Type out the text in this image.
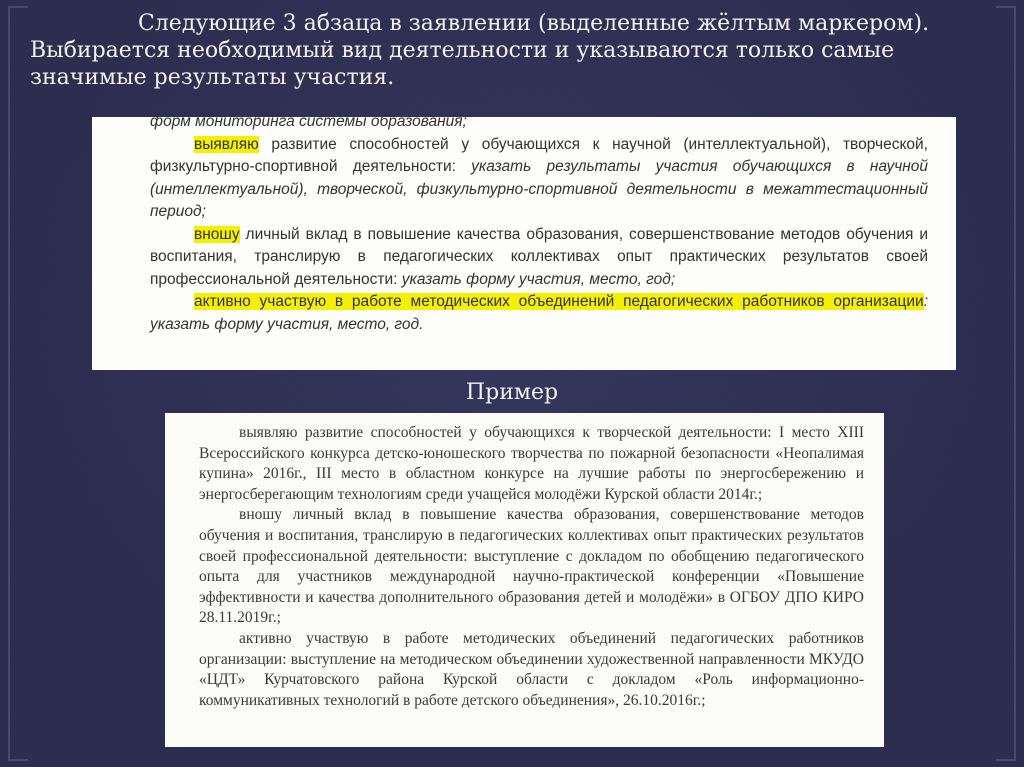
Следующие 3 абзаца в заявлении (выделенные жёлтым маркером).
Выбирается необходимый вид деятельности и указываются только самые значимые результаты участия.

форм мониторинга системы образования;

выявляю развитие способностей у обучающихся к научной (интеллектуальной), творческой, физкультурно-спортивной деятельности: указать результаты участия обучающихся в научной (интеллектуальной), творческой, физкультурно-спортивной деятельности в межаттестационный период;

вношу личный вклад в повышение качества образования, совершенствование методов обучения и воспитания, транслирую в педагогических коллективах опыт практических результатов своей профессиональной деятельности: указать форму участия, место, год;

активно участвую в работе методических объединений педагогических работников организации: указать форму участия, место, год.

Пример

выявляю развитие способностей у обучающихся к творческой деятельности: I место XIII Всероссийского конкурса детско-юношеского творчества по пожарной безопасности «Неопалимая купина» 2016г., III место в областном конкурсе на лучшие работы по энергосбережению и энергосберегающим технологиям среди учащейся молодёжи Курской области 2014г.;

вношу личный вклад в повышение качества образования, совершенствование методов обучения и воспитания, транслирую в педагогических коллективах опыт практических результатов своей профессиональной деятельности: выступление с докладом по обобщению педагогического опыта для участников международной научно-практической конференции «Повышение эффективности и качества дополнительного образования детей и молодёжи» в ОГБОУ ДПО КИРО 28.11.2019г.;

активно участвую в работе методических объединений педагогических работников организации: выступление на методическом объединении художественной направленности МКУДО «ЦДТ» Курчатовского района Курской области с докладом «Роль информационно-коммуникативных технологий в работе детского объединения», 26.10.2016г.;
